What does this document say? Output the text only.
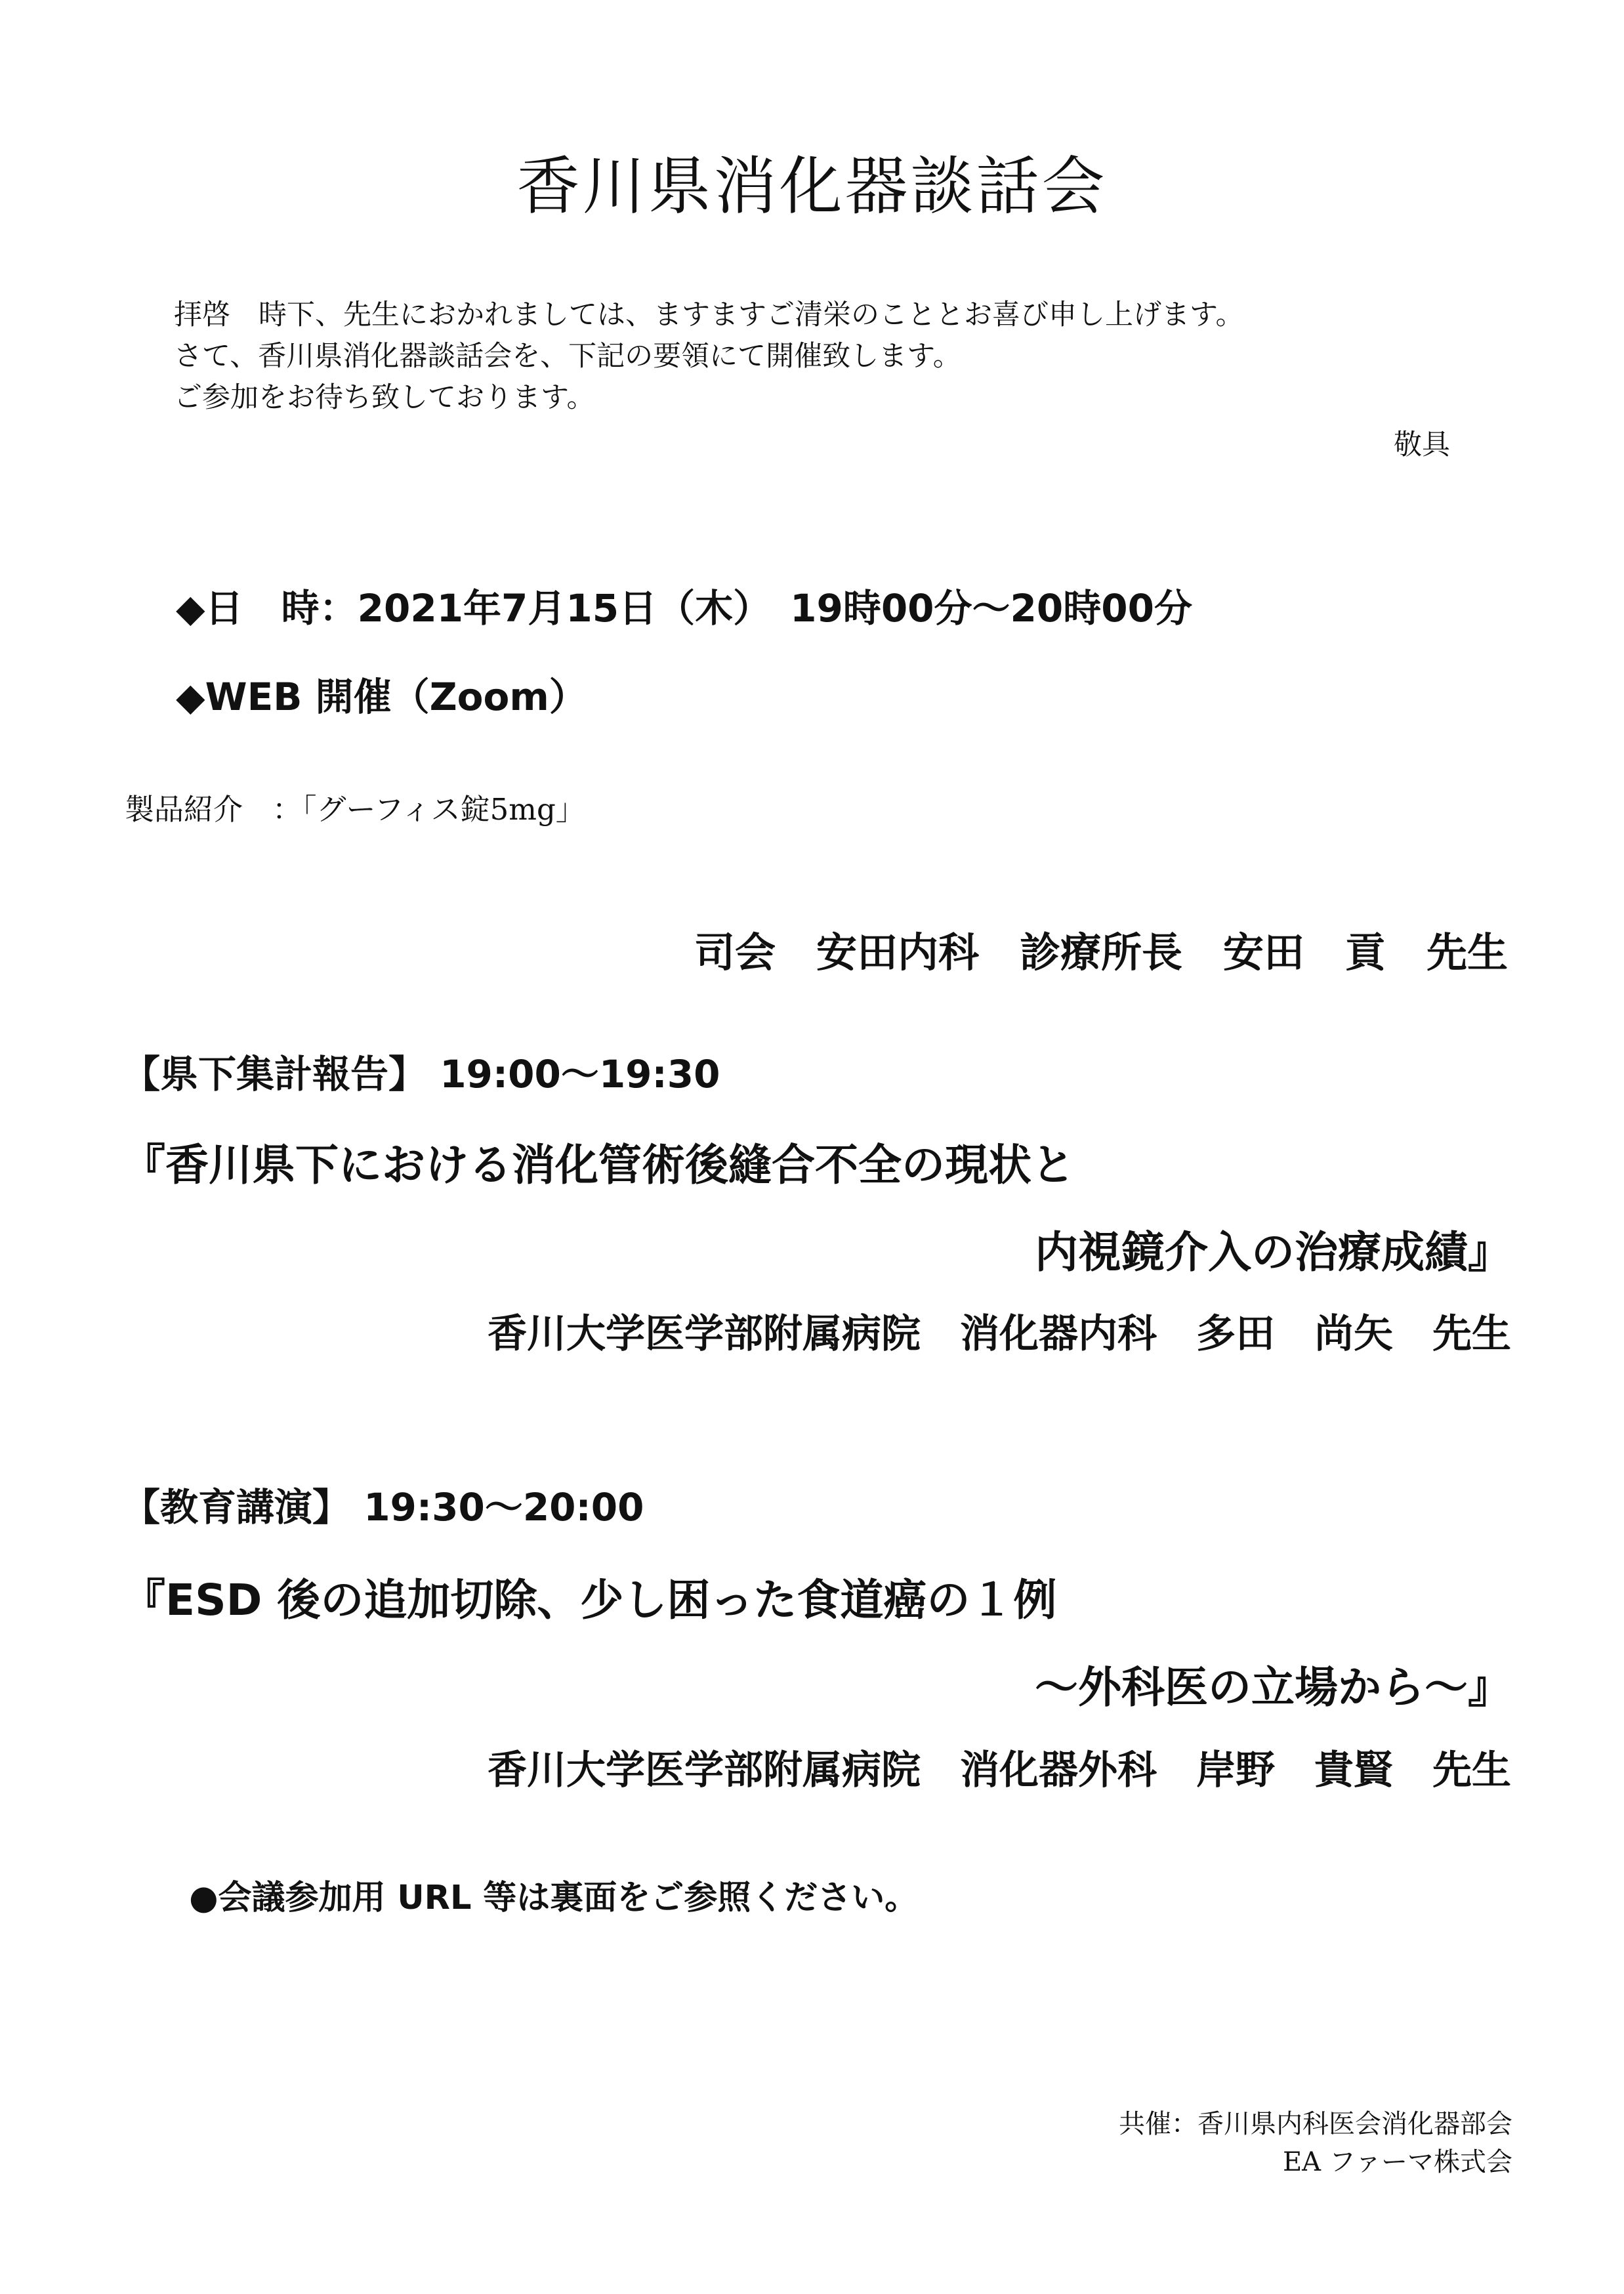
香川県消化器談話会
拝啓　時下、先生におかれましては、ますますご清栄のこととお喜び申し上げます。
さて、香川県消化器談話会を、下記の要領にて開催致します。
ご参加をお待ち致しております。
敬具
◆日　時：2021年7月15日（木）　19時00分～20時00分
◆WEB 開催（Zoom）
製品紹介　：「グーフィス錠5mg」
司会　安田内科　診療所長　安田　貢　先生
【県下集計報告】 19:00～19:30
『香川県下における消化管術後縫合不全の現状と
内視鏡介入の治療成績』
香川大学医学部附属病院　消化器内科　多田　尚矢　先生
【教育講演】 19:30～20:00
『ESD 後の追加切除、少し困った食道癌の１例
～外科医の立場から～』
香川大学医学部附属病院　消化器外科　岸野　貴賢　先生
●会議参加用 URL 等は裏面をご参照ください。
共催：香川県内科医会消化器部会
EA ファーマ株式会
